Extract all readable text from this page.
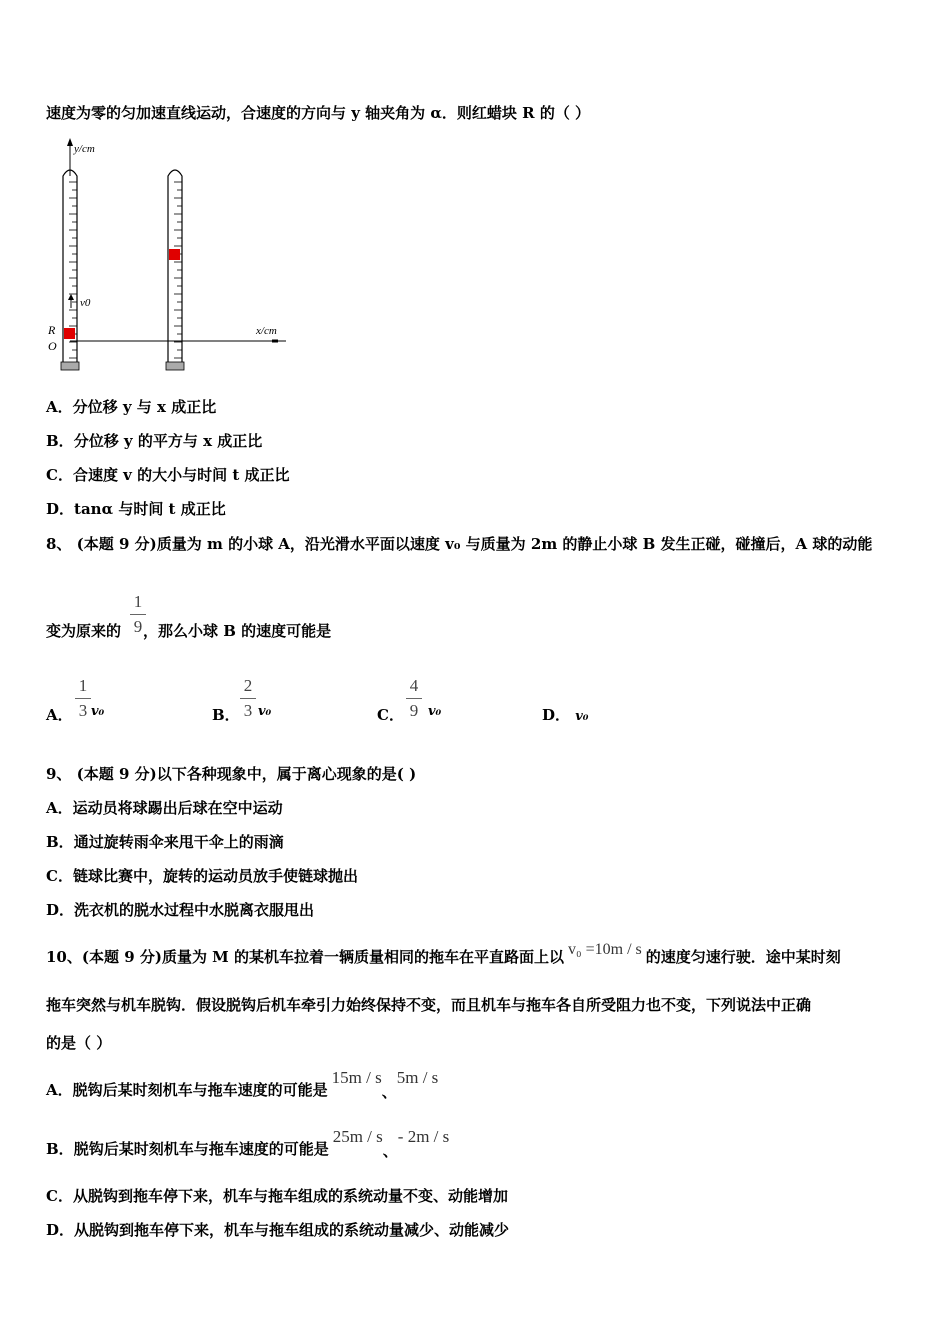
速度为零的匀加速直线运动，合速度的方向与 y 轴夹角为 α．则红蜡块 R 的（ ）
y/cm
x/cm
v0
R
O
A．分位移 y 与 x 成正比
B．分位移 y 的平方与 x 成正比
C．合速度 v 的大小与时间 t 成正比
D．tanα 与时间 t 成正比
8、 (本题 9 分)质量为 m 的小球 A，沿光滑水平面以速度 v₀ 与质量为 2m 的静止小球 B 发生正碰，碰撞后，A 球的动能
变为原来的 ，那么小球 B 的速度可能是
1
9
A．
1
3 v₀	B．
2
3 v₀	C．
4
9 v₀	D． v₀
9、 (本题 9 分)以下各种现象中，属于离心现象的是( )
A．运动员将球踢出后球在空中运动
B．通过旋转雨伞来甩干伞上的雨滴
C．链球比赛中，旋转的运动员放手使链球抛出
D．洗衣机的脱水过程中水脱离衣服甩出
10、(本题 9 分)质量为 M 的某机车拉着一辆质量相同的拖车在平直路面上以 v₀ =10m / s 的速度匀速行驶．途中某时刻
拖车突然与机车脱钩．假设脱钩后机车牵引力始终保持不变，而且机车与拖车各自所受阻力也不变，下列说法中正确
的是（ ）
A．脱钩后某时刻机车与拖车速度的可能是15m / s、5m / s
B．脱钩后某时刻机车与拖车速度的可能是25m / s、- 2m / s
C．从脱钩到拖车停下来，机车与拖车组成的系统动量不变、动能增加
D．从脱钩到拖车停下来，机车与拖车组成的系统动量减少、动能减少
